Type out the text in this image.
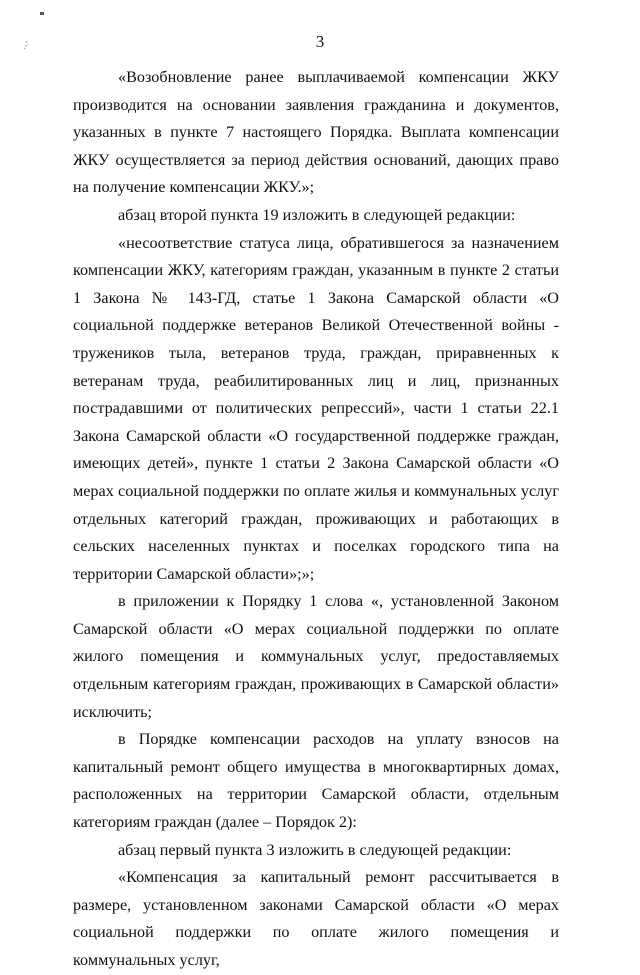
.-'	3

«Возобновление ранее выплачиваемой компенсации ЖКУ производится на основании заявления гражданина и документов, указанных в пункте 7 настоящего Порядка. Выплата компенсации ЖКУ осуществляется за период действия оснований, дающих право на получение компенсации ЖКУ.»;

абзац второй пункта 19 изложить в следующей редакции:

«несоответствие статуса лица, обратившегося за назначением компенсации ЖКУ, категориям граждан, указанным в пункте 2 статьи 1 Закона № 143-ГД, статье 1 Закона Самарской области «О социальной поддержке ветеранов Великой Отечественной войны - тружеников тыла, ветеранов труда, граждан, приравненных к ветеранам труда, реабилитированных лиц и лиц, признанных пострадавшими от политических репрессий», части 1 статьи 22.1 Закона Самарской области «О государственной поддержке граждан, имеющих детей», пункте 1 статьи 2 Закона Самарской области «О мерах социальной поддержки по оплате жилья и коммунальных услуг отдельных категорий граждан, проживающих и работающих в сельских населенных пунктах и поселках городского типа на территории Самарской области»;»;

в приложении к Порядку 1 слова «, установленной Законом Самарской области «О мерах социальной поддержки по оплате жилого помещения и коммунальных услуг, предоставляемых отдельным категориям граждан, проживающих в Самарской области» исключить;

в Порядке компенсации расходов на уплату взносов на капитальный ремонт общего имущества в многоквартирных домах, расположенных на территории Самарской области, отдельным категориям граждан (далее – Порядок 2):

абзац первый пункта 3 изложить в следующей редакции:

«Компенсация за капитальный ремонт рассчитывается в размере, установленном законами Самарской области «О мерах социальной поддержки по оплате жилого помещения и коммунальных услуг,
